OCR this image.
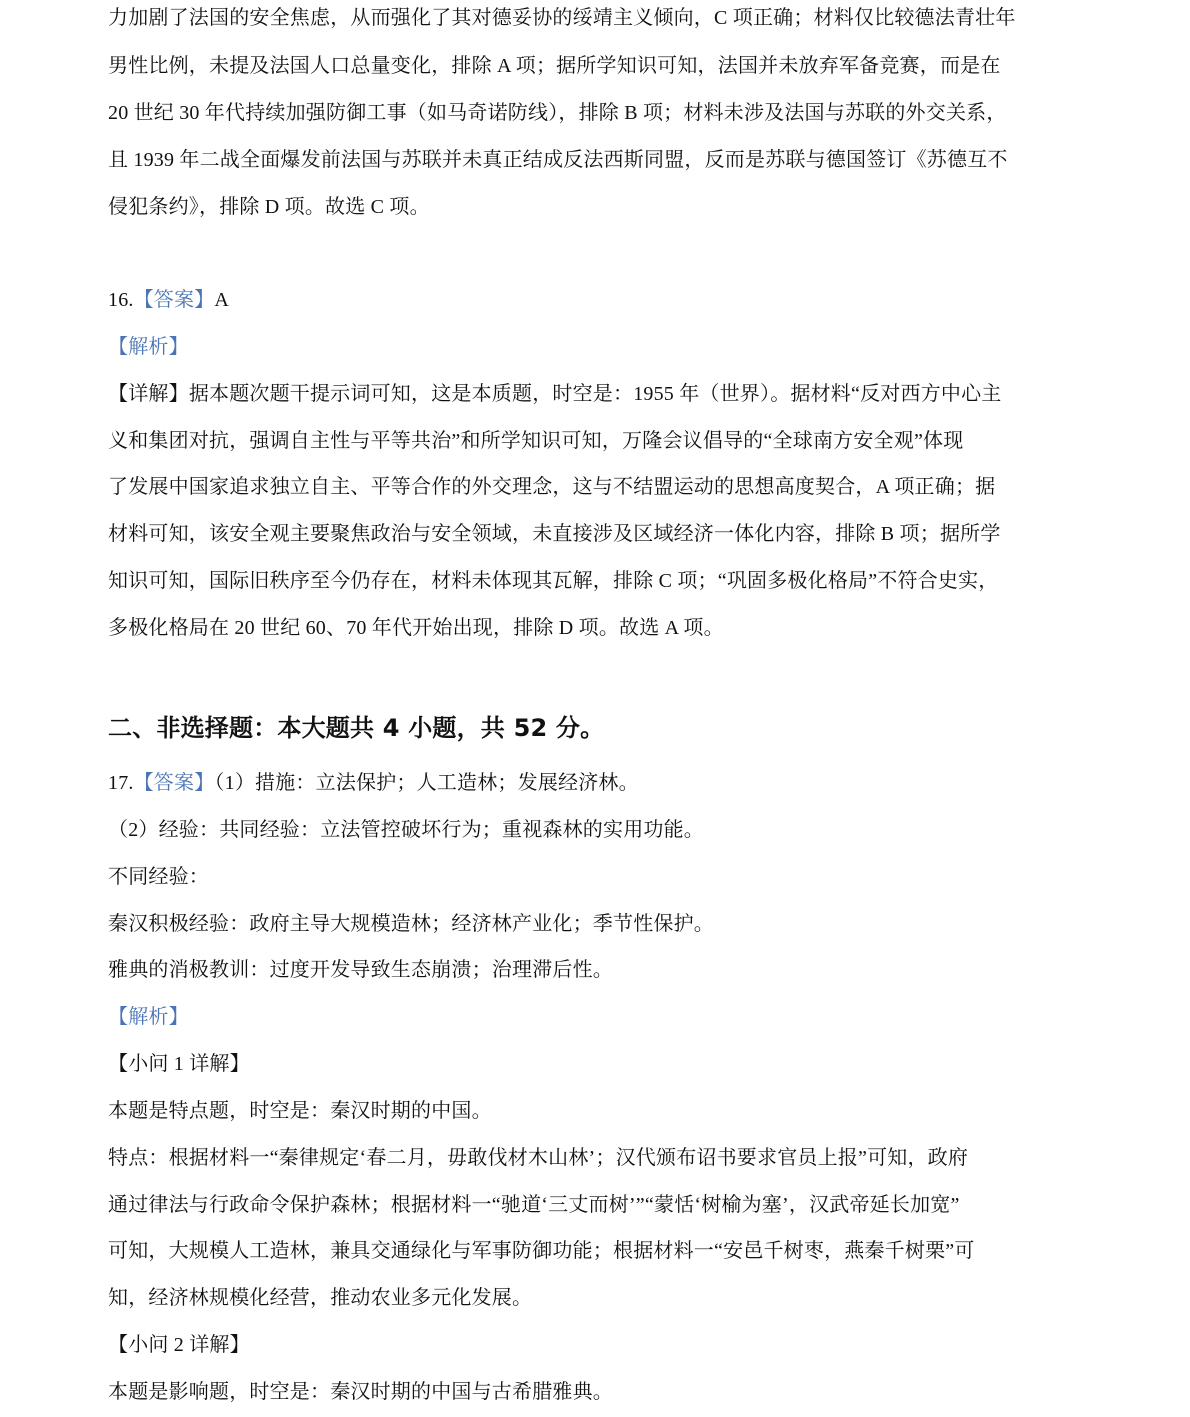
力加剧了法国的安全焦虑，从而强化了其对德妥协的绥靖主义倾向，C 项正确；材料仅比较德法青壮年
男性比例，未提及法国人口总量变化，排除 A 项；据所学知识可知，法国并未放弃军备竞赛，而是在
20 世纪 30 年代持续加强防御工事（如马奇诺防线），排除 B 项；材料未涉及法国与苏联的外交关系，
且 1939 年二战全面爆发前法国与苏联并未真正结成反法西斯同盟，反而是苏联与德国签订《苏德互不
侵犯条约》，排除 D 项。故选 C 项。
16.【答案】A
【解析】
【详解】据本题次题干提示词可知，这是本质题，时空是：1955 年（世界）。据材料“反对西方中心主
义和集团对抗，强调自主性与平等共治”和所学知识可知，万隆会议倡导的“全球南方安全观”体现
了发展中国家追求独立自主、平等合作的外交理念，这与不结盟运动的思想高度契合，A 项正确；据
材料可知，该安全观主要聚焦政治与安全领域，未直接涉及区域经济一体化内容，排除 B 项；据所学
知识可知，国际旧秩序至今仍存在，材料未体现其瓦解，排除 C 项；“巩固多极化格局”不符合史实，
多极化格局在 20 世纪 60、70 年代开始出现，排除 D 项。故选 A 项。
二、非选择题：本大题共 4 小题，共 52 分。
17.【答案】（1）措施：立法保护；人工造林；发展经济林。
（2）经验：共同经验：立法管控破坏行为；重视森林的实用功能。
不同经验：
秦汉积极经验：政府主导大规模造林；经济林产业化；季节性保护。
雅典的消极教训：过度开发导致生态崩溃；治理滞后性。
【解析】
【小问 1 详解】
本题是特点题，时空是：秦汉时期的中国。
特点：根据材料一“秦律规定‘春二月，毋敢伐材木山林’；汉代颁布诏书要求官员上报”可知，政府
通过律法与行政命令保护森林；根据材料一“驰道‘三丈而树’”“蒙恬‘树榆为塞’，汉武帝延长加宽”
可知，大规模人工造林，兼具交通绿化与军事防御功能；根据材料一“安邑千树枣，燕秦千树栗”可
知，经济林规模化经营，推动农业多元化发展。
【小问 2 详解】
本题是影响题，时空是：秦汉时期的中国与古希腊雅典。
